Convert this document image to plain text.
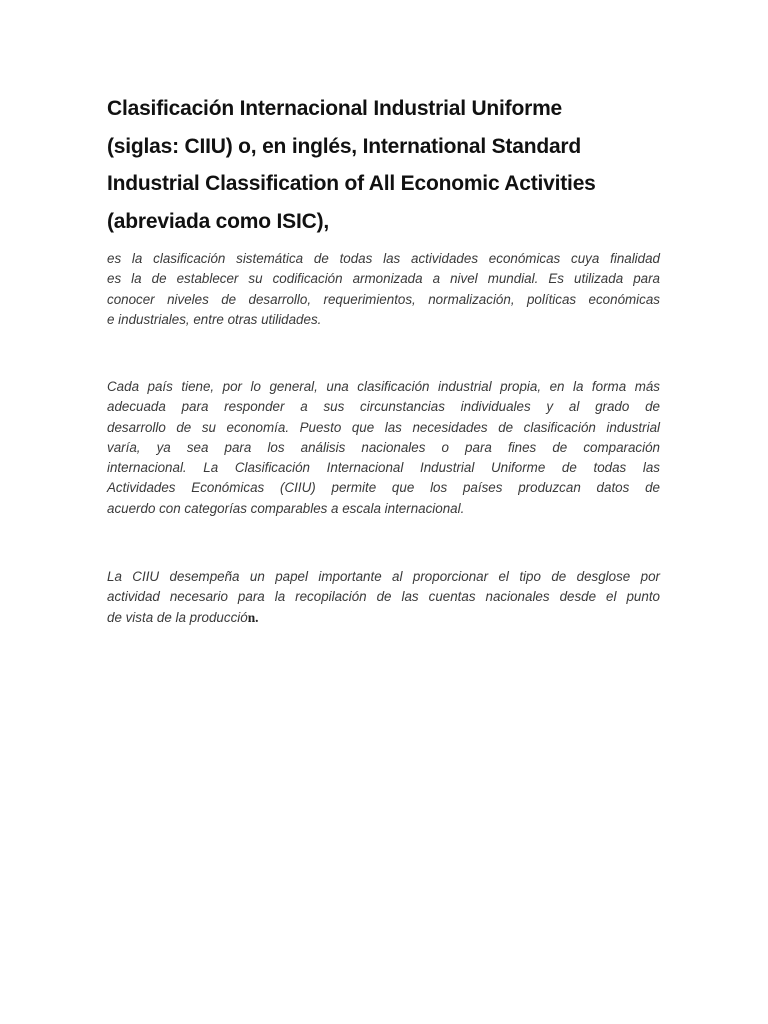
Clasificación Internacional Industrial Uniforme
(siglas: CIIU) o, en inglés, International Standard
Industrial Classification of All Economic Activities
(abreviada como ISIC),

es la clasificación sistemática de todas las actividades económicas cuya finalidad
es la de establecer su codificación armonizada a nivel mundial. Es utilizada para
conocer niveles de desarrollo, requerimientos, normalización, políticas económicas
e industriales, entre otras utilidades.

Cada país tiene, por lo general, una clasificación industrial propia, en la forma más
adecuada para responder a sus circunstancias individuales y al grado de
desarrollo de su economía. Puesto que las necesidades de clasificación industrial
varía, ya sea para los análisis nacionales o para fines de comparación
internacional. La Clasificación Internacional Industrial Uniforme de todas las
Actividades Económicas (CIIU) permite que los países produzcan datos de
acuerdo con categorías comparables a escala internacional.

La CIIU desempeña un papel importante al proporcionar el tipo de desglose por
actividad necesario para la recopilación de las cuentas nacionales desde el punto
de vista de la producción.
